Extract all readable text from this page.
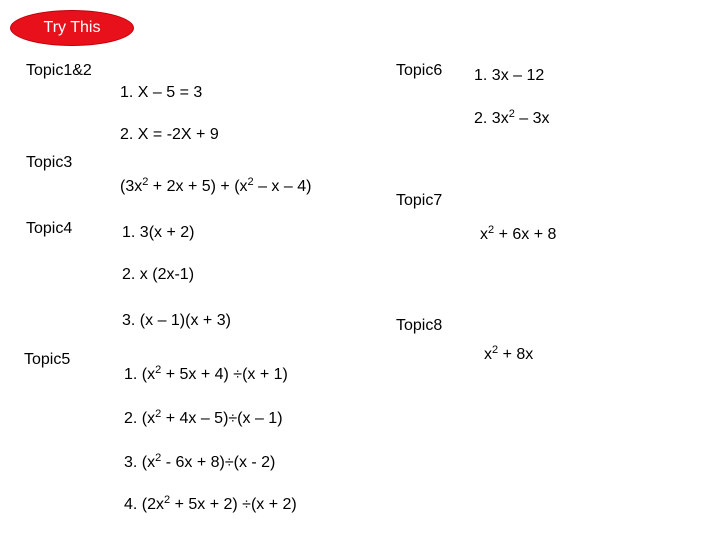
Try This
Topic1&2
Topic3
Topic4
Topic5
Topic6
Topic7
Topic8
1. X – 5 = 3
2. X = -2X + 9
$(3x^2 + 2x + 5) + (x^2 - x - 4)$
1. 3(x + 2)
2. x (2x-1)
3. (x – 1)(x + 3)
1. $(x^2 + 5x + 4) \div(x + 1)$
2. $(x^2 + 4x - 5)\div(x - 1)$
3. $(x^2 - 6x + 8)\div(x - 2)$
4. $(2x^2 + 5x + 2) \div(x + 2)$
1. 3x – 12
2. $3x^2 - 3x$
$x^2 + 6x + 8$
$x^2 + 8x$
